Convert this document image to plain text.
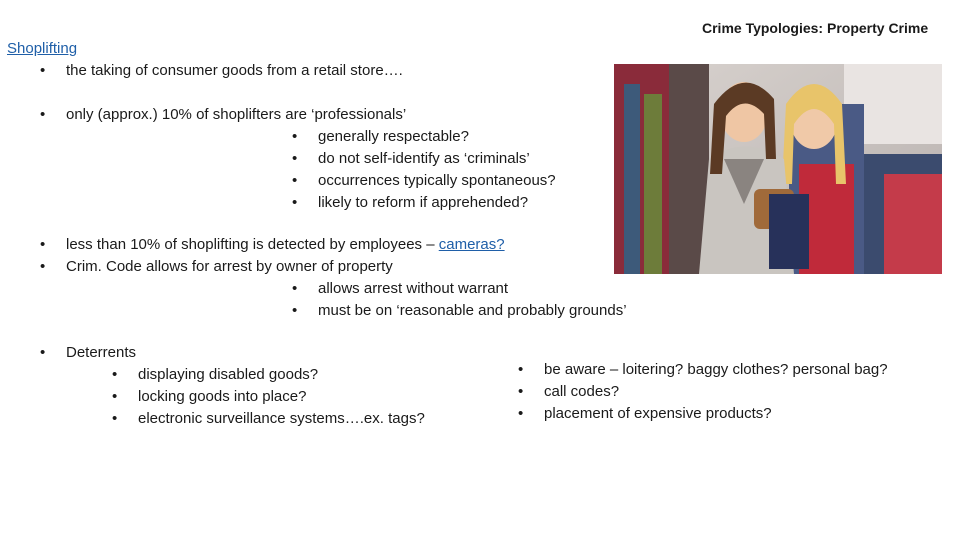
Crime Typologies: Property Crime
Shoplifting
• the taking of consumer goods from a retail store….
• only (approx.) 10% of shoplifters are ‘professionals’
• generally respectable?
• do not self-identify as ‘criminals’
• occurrences typically spontaneous?
• likely to reform if apprehended?
• less than 10% of shoplifting is detected by employees – cameras?
• Crim. Code allows for arrest by owner of property
• allows arrest without warrant
• must be on ‘reasonable and probably grounds’
• Deterrents
• displaying disabled goods?
• locking goods into place?
• electronic surveillance systems….ex. tags?
• be aware – loitering? baggy clothes? personal bag?
• call codes?
• placement of expensive products?
